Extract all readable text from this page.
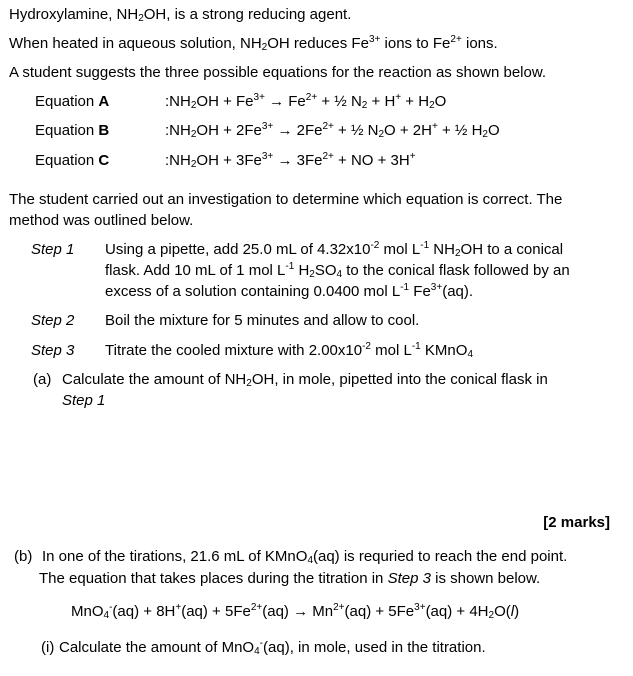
Hydroxylamine, $NH_2OH$, is a strong reducing agent.
When heated in aqueous solution, $NH_2OH$ reduces $Fe^{3+}$ ions to $Fe^{2+}$ ions.
A student suggests the three possible equations for the reaction as shown below.
Equation A	$:NH_2OH + Fe^{3+} \to Fe^{2+}$ + ½ $N_2 + H^+ + H_2O$
Equation B	$:NH_2OH + 2Fe^{3+} \to 2Fe^{2+}$ + ½ $N_2O + 2H^+$ + ½ $H_2O$
Equation C	$:NH_2OH + 3Fe^{3+} \to 3Fe^{2+}$ + NO + 3H+
The student carried out an investigation to determine which equation is correct. The
method was outlined below.
Step 1 Using a pipette, add 25.0 mL of $4.32x10^{-2}$ mol $L^{-1}$ $NH_2OH$ to a conical
flask. Add 10 mL of 1 mol $L^{-1}$ $H_2SO_4$ to the conical flask followed by an
excess of a solution containing 0.0400 mol $L^{-1}$ $Fe^{3+}(aq)$.
Step 2 Boil the mixture for 5 minutes and allow to cool.
Step 3 Titrate the cooled mixture with $2.00x10^{-2}$ mol $L^{-1}$ KMnO$_4$
(a) Calculate the amount of $NH_2OH$, in mole, pipetted into the conical flask in
Step 1
[2 marks]
(b) In one of the tirations, 21.6 mL of KMnO$_4$(aq) is requried to reach the end point.
The equation that takes places during the titration in Step 3 is shown below.
$MnO_4^-(aq) + 8H^+(aq) + 5Fe^{2+}(aq) \to Mn^{2+}(aq) + 5Fe^{3+}(aq) + 4H_2O(l)$
(i) Calculate the amount of MnO$_4$-(aq), in mole, used in the titration.
